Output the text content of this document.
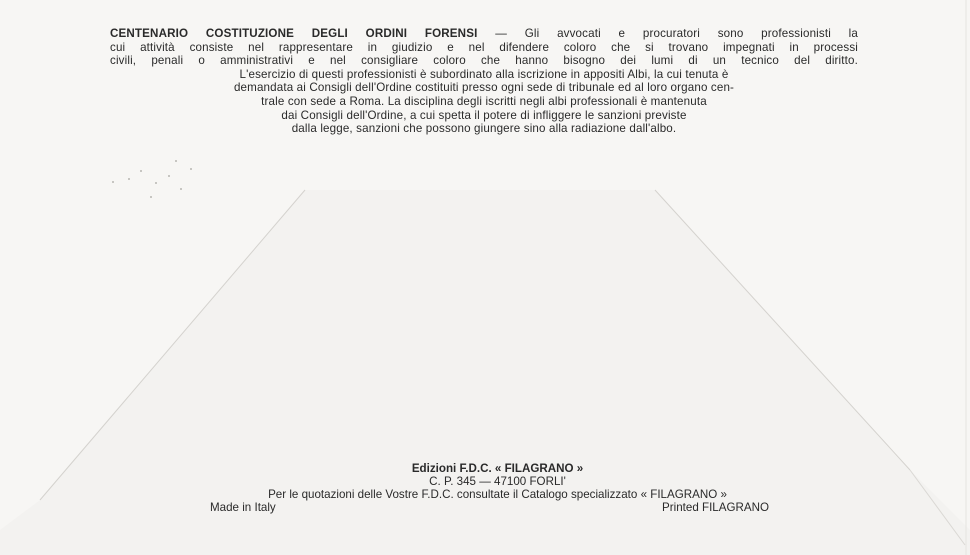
CENTENARIO COSTITUZIONE DEGLI ORDINI FORENSI — Gli avvocati e procuratori sono professionisti la

cui attività consiste nel rappresentare in giudizio e nel difendere coloro che si trovano impegnati in processi

civili, penali o amministrativi e nel consigliare coloro che hanno bisogno dei lumi di un tecnico del diritto.

L'esercizio di questi professionisti è subordinato alla iscrizione in appositi Albi, la cui tenuta è

demandata ai Consigli dell'Ordine costituiti presso ogni sede di tribunale ed al loro organo cen-

trale con sede a Roma. La disciplina degli iscritti negli albi professionali è mantenuta

dai Consigli dell'Ordine, a cui spetta il potere di infliggere le sanzioni previste

dalla legge, sanzioni che possono giungere sino alla radiazione dall'albo.

Edizioni F.D.C. « FILAGRANO »
C. P. 345 — 47100 FORLI'
Per le quotazioni delle Vostre F.D.C. consultate il Catalogo specializzato « FILAGRANO »
Made in Italy	Printed FILAGRANO
